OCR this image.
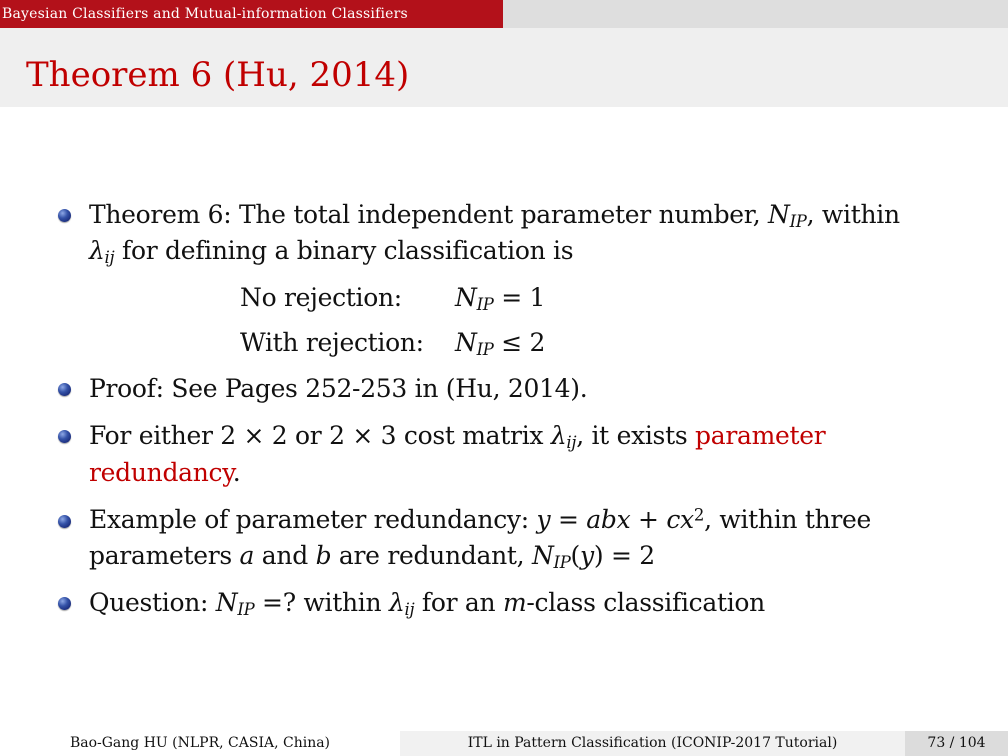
Bayesian Classifiers and Mutual-information Classifiers
Theorem 6 (Hu, 2014)
Theorem 6: The total independent parameter number, $N_{IP}$, within
$\lambda_{ij}$ for defining a binary classification is
No rejection: $N_{IP} = 1$
With rejection: $N_{IP} \le 2$
Proof: See Pages 252-253 in (Hu, 2014).
For either 2 × 2 or 2 × 3 cost matrix $\lambda_{ij}$, it exists parameter
redundancy.
Example of parameter redundancy: y = abx + $cx^2$, within three
parameters a and b are redundant, $N_{IP}(y) = 2$
Question: $N_{IP}$ =? within $\lambda_{ij}$ for an m-class classification
Bao-Gang HU (NLPR, CASIA, China)	ITL in Pattern Classification (ICONIP-2017 Tutorial)	73 / 104
